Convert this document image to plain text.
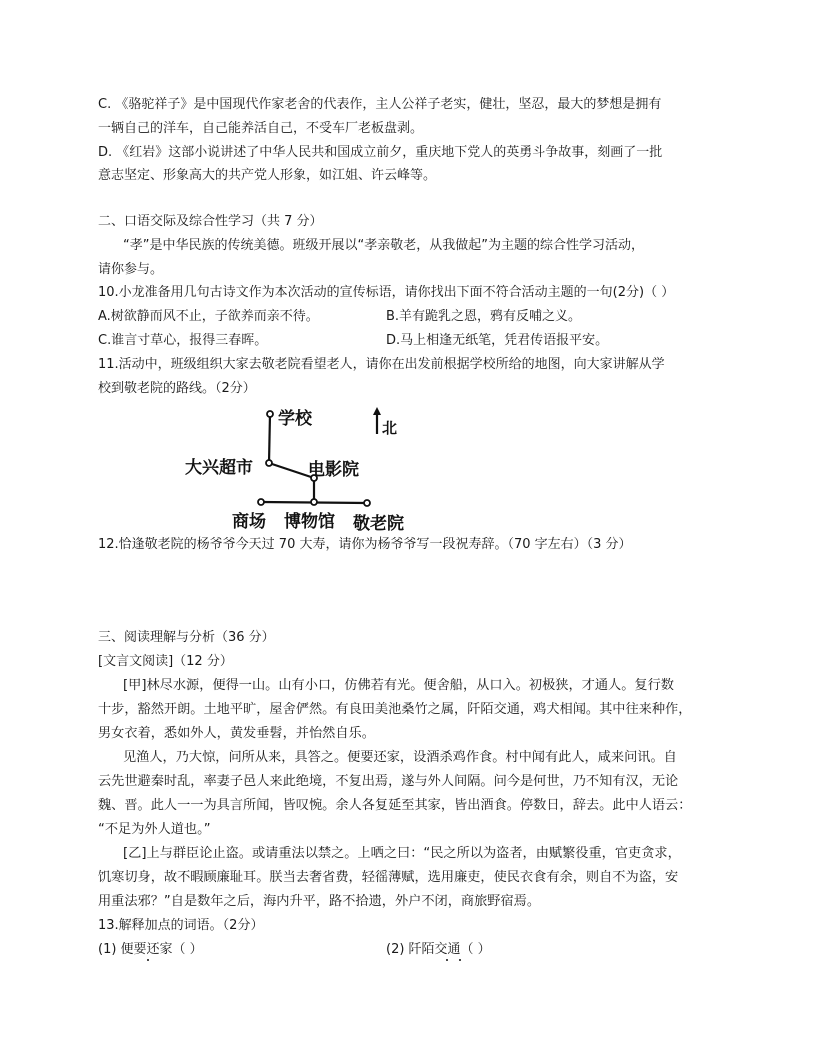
C. 《骆驼祥子》是中国现代作家老舍的代表作，主人公祥子老实，健壮，坚忍，最大的梦想是拥有
一辆自己的洋车，自己能养活自己，不受车厂老板盘剥。
D. 《红岩》这部小说讲述了中华人民共和国成立前夕，重庆地下党人的英勇斗争故事，刻画了一批
意志坚定、形象高大的共产党人形象，如江姐、许云峰等。
二、口语交际及综合性学习（共 7 分）
“孝”是中华民族的传统美德。班级开展以“孝亲敬老，从我做起”为主题的综合性学习活动，
请你参与。
10.小龙准备用几句古诗文作为本次活动的宣传标语，请你找出下面不符合活动主题的一句(2分)（ ）
A.树欲静而风不止，子欲养而亲不待。	B.羊有跪乳之恩，鸦有反哺之义。
C.谁言寸草心，报得三春晖。	D.马上相逢无纸笔，凭君传语报平安。
11.活动中，班级组织大家去敬老院看望老人，请你在出发前根据学校所给的地图，向大家讲解从学
校到敬老院的路线。（2分）
学校	北
大兴超市	电影院
商场 博物馆 敬老院
12.恰逢敬老院的杨爷爷今天过 70 大寿，请你为杨爷爷写一段祝寿辞。（70 字左右）（3 分）
三、阅读理解与分析（36 分）
[文言文阅读]（12 分）
[甲]林尽水源，便得一山。山有小口，仿佛若有光。便舍船，从口入。初极狭，才通人。复行数
十步，豁然开朗。土地平旷，屋舍俨然。有良田美池桑竹之属，阡陌交通，鸡犬相闻。其中往来种作，
男女衣着，悉如外人，黄发垂髫，并怡然自乐。
见渔人，乃大惊，问所从来，具答之。便要还家，设酒杀鸡作食。村中闻有此人，咸来问讯。自
云先世避秦时乱，率妻子邑人来此绝境，不复出焉，遂与外人间隔。问今是何世，乃不知有汉，无论
魏、晋。此人一一为具言所闻，皆叹惋。余人各复延至其家，皆出酒食。停数日，辞去。此中人语云：
“不足为外人道也。”
[乙]上与群臣论止盗。或请重法以禁之。上哂之曰：“民之所以为盗者，由赋繁役重，官吏贪求，
饥寒切身，故不暇顾廉耻耳。朕当去奢省费，轻徭薄赋，选用廉吏，使民衣食有余，则自不为盗，安
用重法邪？”自是数年之后，海内升平，路不拾遗，外户不闭，商旅野宿焉。
13.解释加点的词语。（2分）
(1) 便要还家（ ）	(2) 阡陌交通（ ）
